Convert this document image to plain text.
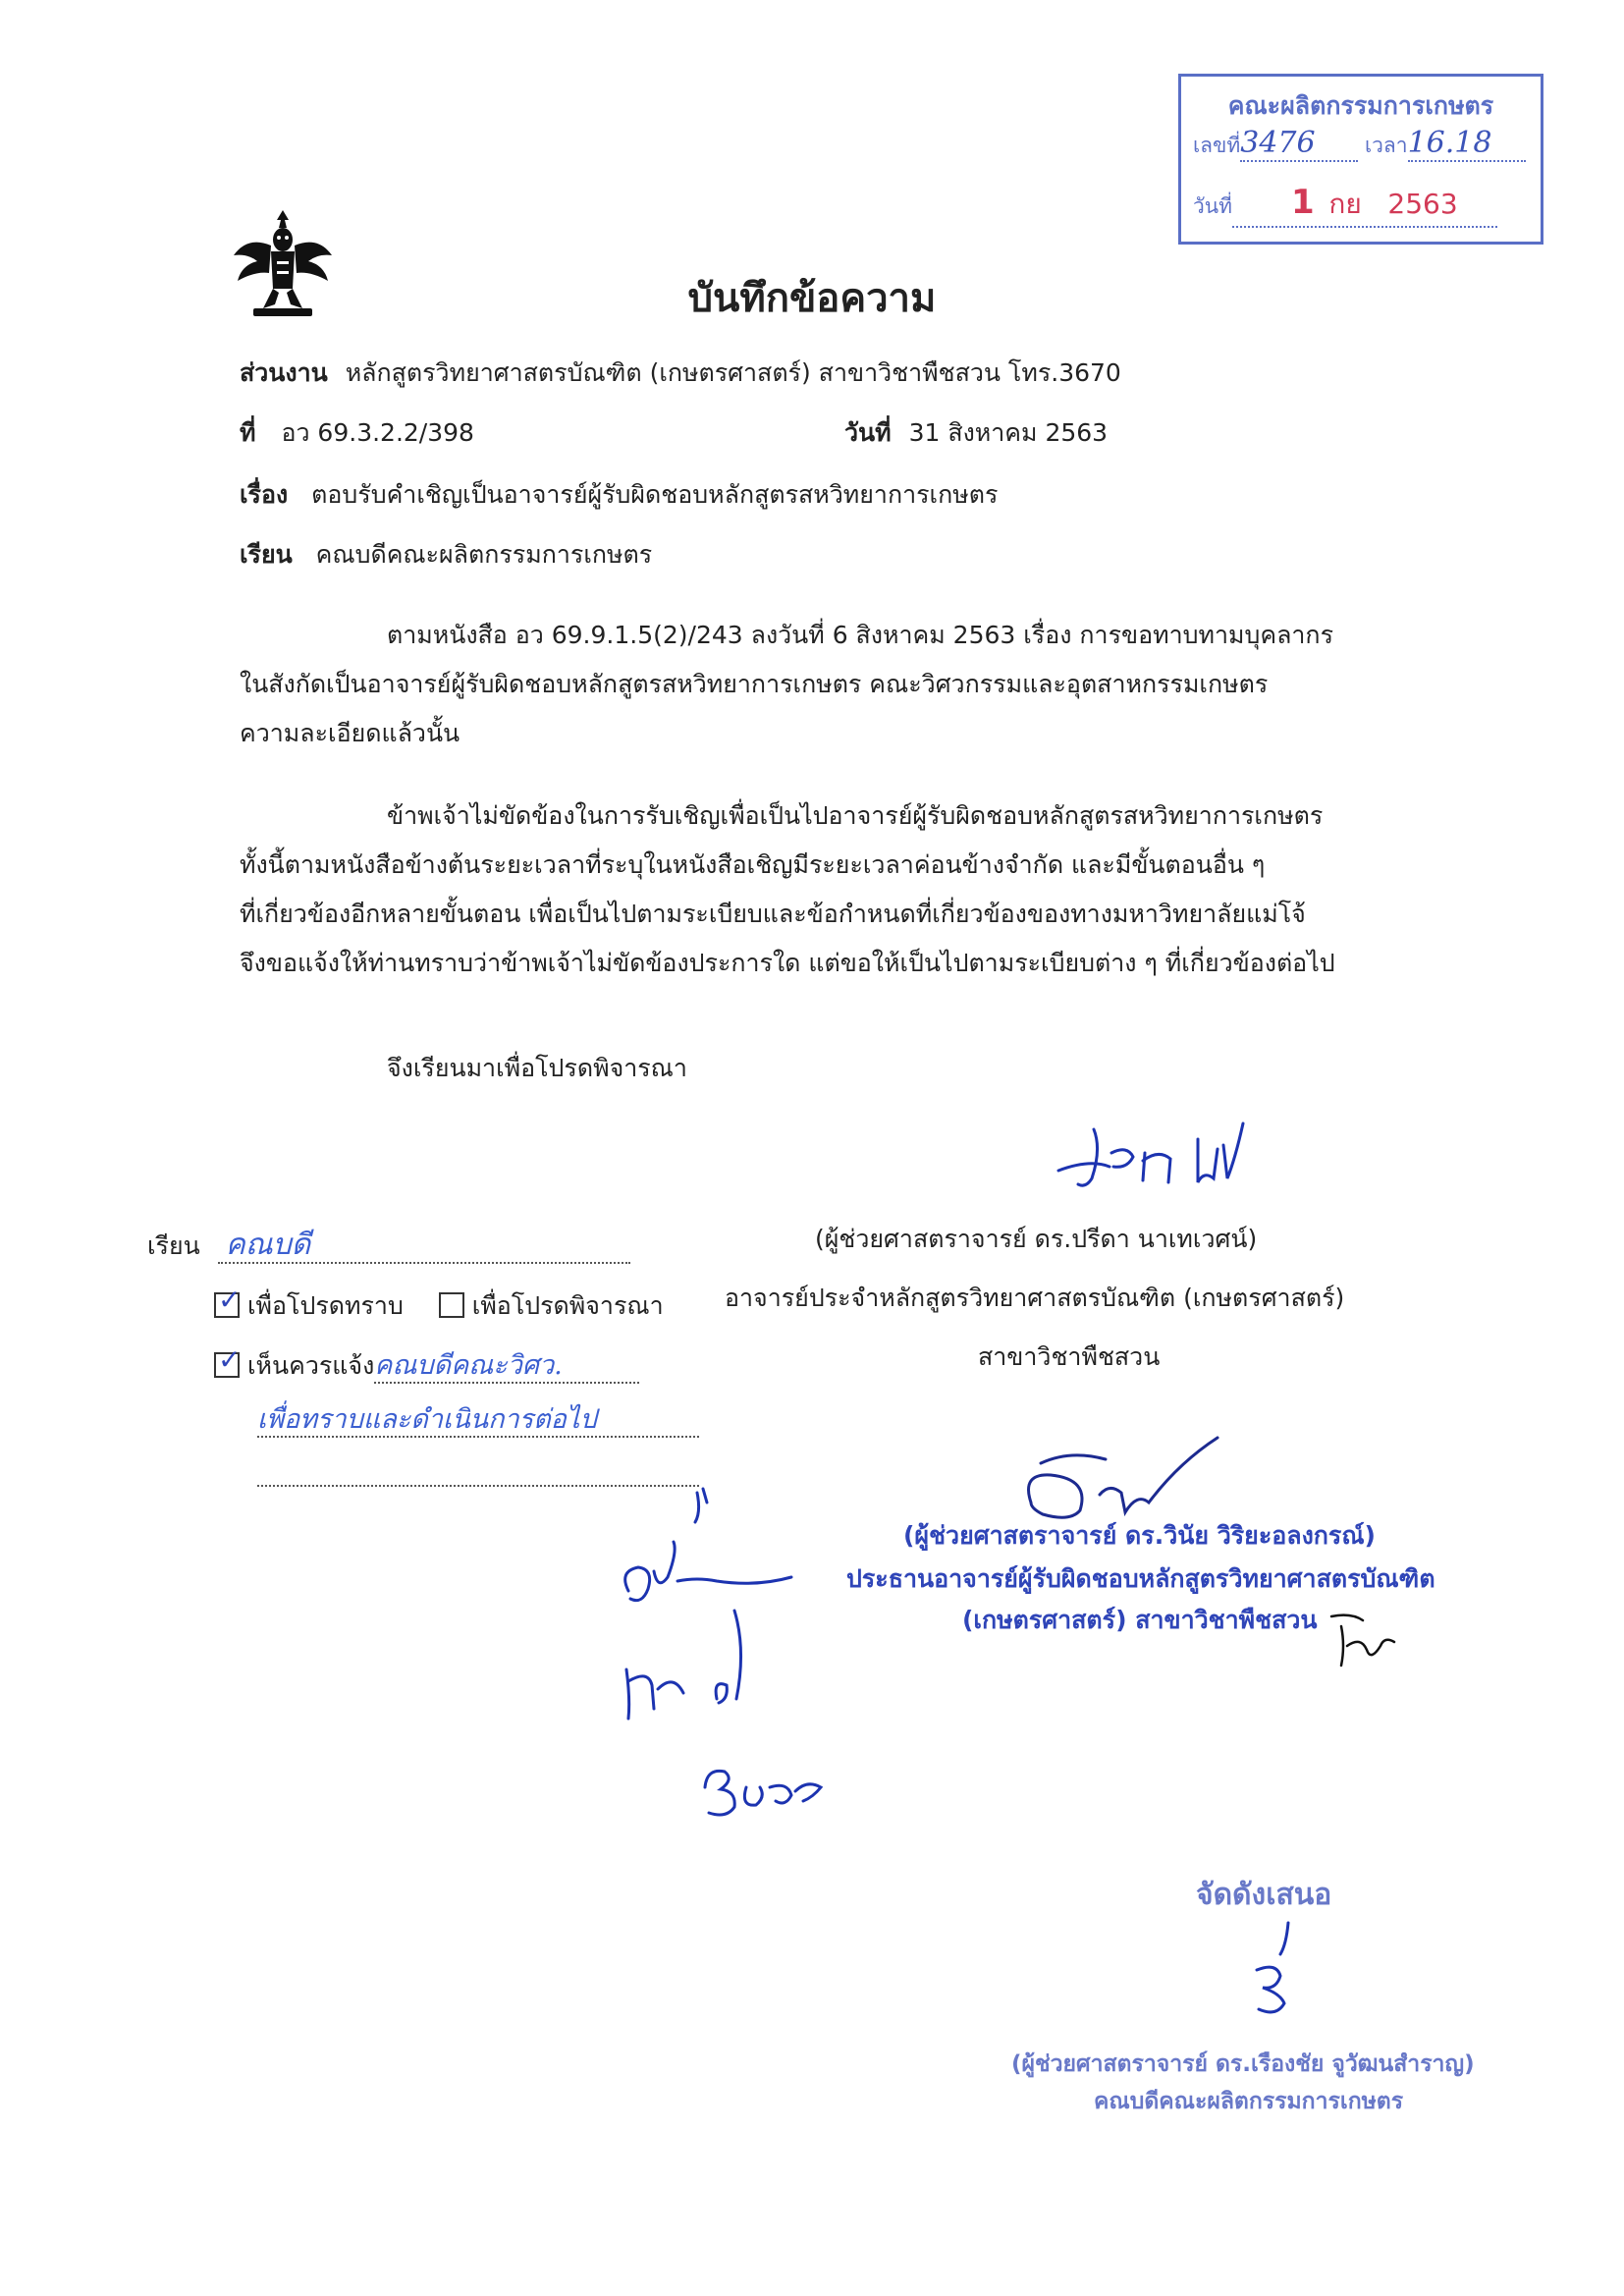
คณะผลิตกรรมการเกษตร
เลขที่3476 เวลา16.18
วันที่ 1 กย 2563
บันทึกข้อความ
ส่วนงาน หลักสูตรวิทยาศาสตรบัณฑิต (เกษตรศาสตร์) สาขาวิชาพืชสวน โทร.3670
ที่ อว 69.3.2.2/398	วันที่ 31 สิงหาคม 2563
เรื่อง ตอบรับคำเชิญเป็นอาจารย์ผู้รับผิดชอบหลักสูตรสหวิทยาการเกษตร
เรียน คณบดีคณะผลิตกรรมการเกษตร
ตามหนังสือ อว 69.9.1.5(2)/243 ลงวันที่ 6 สิงหาคม 2563 เรื่อง การขอทาบทามบุคลากร
ในสังกัดเป็นอาจารย์ผู้รับผิดชอบหลักสูตรสหวิทยาการเกษตร คณะวิศวกรรมและอุตสาหกรรมเกษตร
ความละเอียดแล้วนั้น
ข้าพเจ้าไม่ขัดข้องในการรับเชิญเพื่อเป็นไปอาจารย์ผู้รับผิดชอบหลักสูตรสหวิทยาการเกษตร
ทั้งนี้ตามหนังสือข้างต้นระยะเวลาที่ระบุในหนังสือเชิญมีระยะเวลาค่อนข้างจำกัด และมีขั้นตอนอื่น ๆ
ที่เกี่ยวข้องอีกหลายขั้นตอน เพื่อเป็นไปตามระเบียบและข้อกำหนดที่เกี่ยวข้องของทางมหาวิทยาลัยแม่โจ้
จึงขอแจ้งให้ท่านทราบว่าข้าพเจ้าไม่ขัดข้องประการใด แต่ขอให้เป็นไปตามระเบียบต่าง ๆ ที่เกี่ยวข้องต่อไป
จึงเรียนมาเพื่อโปรดพิจารณา
(ผู้ช่วยศาสตราจารย์ ดร.ปรีดา นาเทเวศน์)
อาจารย์ประจำหลักสูตรวิทยาศาสตรบัณฑิต (เกษตรศาสตร์)
สาขาวิชาพืชสวน
เรียน คณบดี
✓เพื่อโปรดทราบ	เพื่อโปรดพิจารณา
✓เห็นควรแจ้งคณบดีคณะวิศว.
เพื่อทราบและดำเนินการต่อไป
(ผู้ช่วยศาสตราจารย์ ดร.วินัย วิริยะอลงกรณ์)
ประธานอาจารย์ผู้รับผิดชอบหลักสูตรวิทยาศาสตรบัณฑิต
(เกษตรศาสตร์) สาขาวิชาพืชสวน
จัดดังเสนอ
(ผู้ช่วยศาสตราจารย์ ดร.เรืองชัย จูวัฒนสำราญ)
คณบดีคณะผลิตกรรมการเกษตร
